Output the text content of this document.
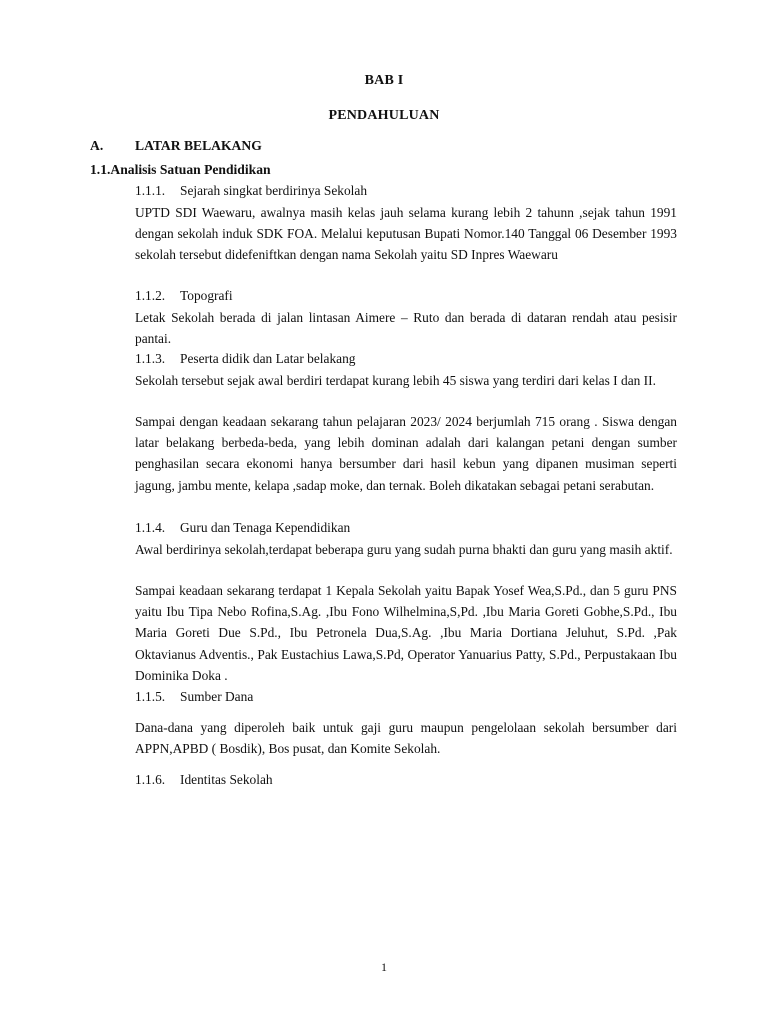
BAB I
PENDAHULUAN
A. LATAR BELAKANG
1.1.Analisis Satuan Pendidikan
1.1.1. Sejarah singkat berdirinya Sekolah

UPTD SDI Waewaru, awalnya masih kelas jauh selama kurang lebih 2 tahunn ,sejak tahun 1991 dengan sekolah induk SDK FOA. Melalui keputusan Bupati Nomor.140 Tanggal 06 Desember 1993 sekolah tersebut didefeniftkan dengan nama Sekolah yaitu SD Inpres Waewaru

1.1.2. Topografi

Letak Sekolah berada di jalan lintasan Aimere – Ruto dan berada di dataran rendah atau pesisir pantai.

1.1.3. Peserta didik dan Latar belakang

Sekolah tersebut sejak awal berdiri terdapat kurang lebih 45 siswa yang terdiri dari kelas I dan II.

Sampai dengan keadaan sekarang tahun pelajaran 2023/ 2024 berjumlah 715 orang . Siswa dengan latar belakang berbeda-beda, yang lebih dominan adalah dari kalangan petani dengan sumber penghasilan secara ekonomi hanya bersumber dari hasil kebun yang dipanen musiman seperti jagung, jambu mente, kelapa ,sadap moke, dan ternak. Boleh dikatakan sebagai petani serabutan.

1.1.4. Guru dan Tenaga Kependidikan

Awal berdirinya sekolah,terdapat beberapa guru yang sudah purna bhakti dan guru yang masih aktif.

Sampai keadaan sekarang terdapat 1 Kepala Sekolah yaitu Bapak Yosef Wea,S.Pd., dan 5 guru PNS yaitu Ibu Tipa Nebo Rofina,S.Ag. ,Ibu Fono Wilhelmina,S,Pd. ,Ibu Maria Goreti Gobhe,S.Pd., Ibu Maria Goreti Due S.Pd., Ibu Petronela Dua,S.Ag. ,Ibu Maria Dortiana Jeluhut, S.Pd. ,Pak Oktavianus Adventis., Pak Eustachius Lawa,S.Pd, Operator Yanuarius Patty, S.Pd., Perpustakaan Ibu Dominika Doka .

1.1.5. Sumber Dana

Dana-dana yang diperoleh baik untuk gaji guru maupun pengelolaan sekolah bersumber dari APPN,APBD ( Bosdik), Bos pusat, dan Komite Sekolah.

1.1.6. Identitas Sekolah
1
